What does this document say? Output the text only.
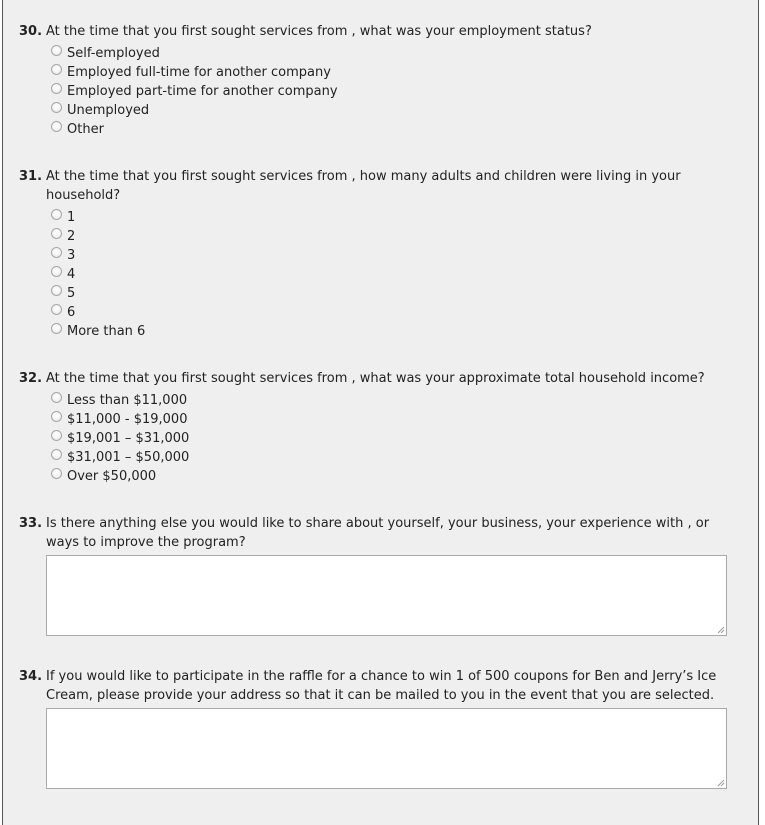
30. At the time that you first sought services from , what was your employment status?
Self-employed
Employed full-time for another company
Employed part-time for another company
Unemployed
Other
31. At the time that you first sought services from , how many adults and children were living in your household?
1
2
3
4
5
6
More than 6
32. At the time that you first sought services from , what was your approximate total household income?
Less than $11,000
$11,000 - $19,000
$19,001 – $31,000
$31,001 – $50,000
Over $50,000
33. Is there anything else you would like to share about yourself, your business, your experience with , or ways to improve the program?
34. If you would like to participate in the raffle for a chance to win 1 of 500 coupons for Ben and Jerry’s Ice Cream, please provide your address so that it can be mailed to you in the event that you are selected.
